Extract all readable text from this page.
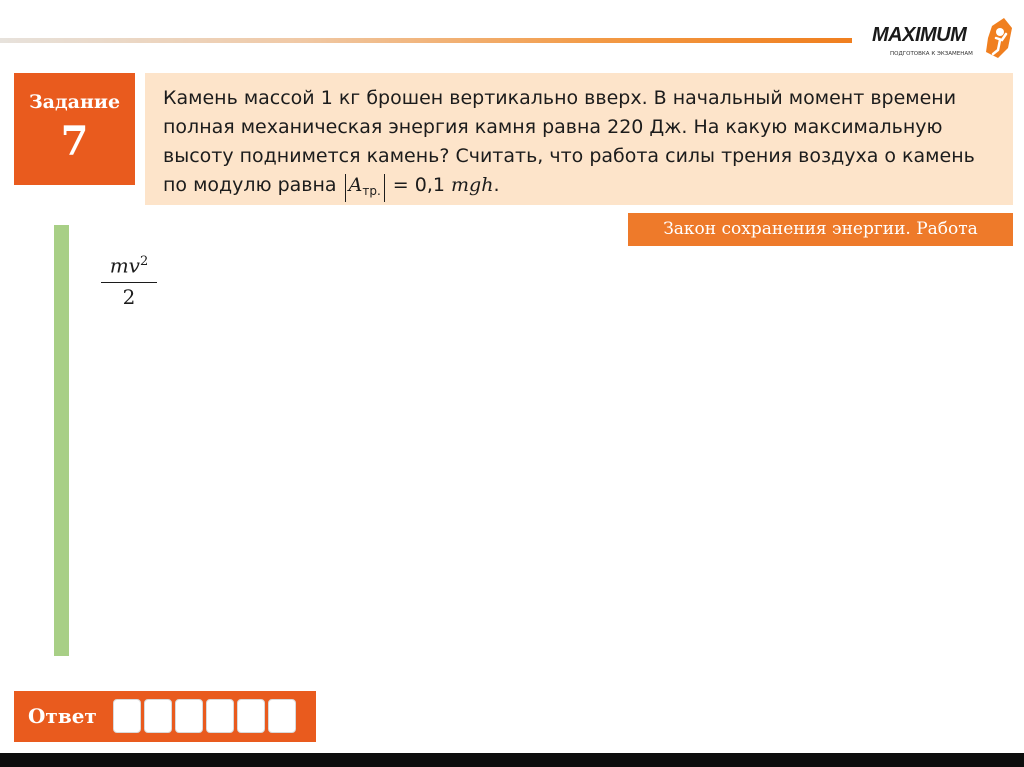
MAXIMUM
ПОДГОТОВКА К ЭКЗАМЕНАМ
Задание
7
Камень массой 1 кг брошен вертикально вверх. В начальный момент времени
полная механическая энергия камня равна 220 Дж. На какую максимальную
высоту поднимется камень? Считать, что работа силы трения воздуха о камень
по модулю равна $A_{тр.} = 0,1$ mgh.
Закон сохранения энергии. Работа
$\frac{mv^2}{2}$
Ответ
